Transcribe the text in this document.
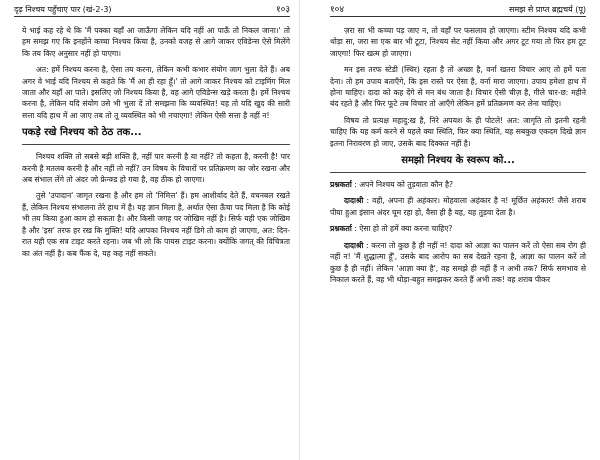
दृढ़ निश्चय पहुँचाए पार (खं-2-3)	१०३

ये भाई कह रहे थे कि 'मैं पक्का यहाँ आ जाऊँगा लेकिन यदि नहीं आ पाऊँ तो निकल जाना।' तो हम समझ गए कि इनहोंने कच्चा निश्चय किया है, उनको वजह से आगे जाकर एविडेन्स ऐसे मिलेंगे कि तय किए अनुसार नहीं हो पाएगा।

अत: हमें निश्चय करना है, ऐसा तय करना, लेकिन कभी कभार संयोग जाग भुला देते हैं। अब अगर वे भाई यदि निश्चय से कहते कि 'मैं आ ही रहा हूँ।' तो आगे जाकर निश्चय को टाइमिंग मिल जाता और यहाँ आ पाते। इसलिए जो निश्चय किया है, वह आगे एविडेन्स खड़े करता है। हमें निश्चय करना है, लेकिन यदि संयोग उसे भी भुला दें तो समझना कि व्यवस्थित! यह तो यदि खुद की सारी सत्ता यदि हाथ में आ जाए तब तो तू व्यवस्थित को भी नचाएगा! लेकिन ऐसी सत्ता है नहीं न!

पकड़े रखे निश्चय को ठेठ तक...

निश्चय शक्ति तो सबसे बड़ी शक्ति है, नहीं पार करनी है या नहीं? तो कहता है, करनी है! पार करनी है मतलब करनी है और नहीं तो नहीं? उन विषय के विचारों पर प्रतिक्रमण का जोर रखना और अब संभाल लेंगे तो अंदर जो फ्रेन्क्ड हो गया है, वह ठीक हो जाएगा।

तुसे 'उपादान' जागृत रखना है और हम तो 'निमित्त' हैं। हम आशीर्वाद देते हैं, वचनबल रखते हैं, लेकिन निश्चय संभालना तेरे हाथ में है। यह ज्ञान मिला है, अर्थात ऐसा ऊँचा पद मिला है कि कोई भी तय किया हुआ काम हो सकता है। और किसी जगह पर जोखिम नहीं है। सिर्फ यही एक जोखिम है और 'इस' तरफ हर रख कि मुक्ति! यदि आपका निश्चय नहीं डिगे तो काम हो जाएगा, अत: दिन-रात यही एक सत्र टाइट करते रहना। जब भी लो कि पायस टाइट करना। क्योंकि जगत् की विचित्रता का अंत नहीं है। कब फैंक दे, यह कह नहीं सकते।

१०४	समझ से प्राप्त ब्रह्मचर्य (पू)

ज़रा सा भी कच्चा पड़ जाए न, तो वहाँ पर फसलाव हो जाएगा। स्टीम निश्चय यदि कभी थोड़ा सा, जरा सा एक बार भी टूटा, निश्चय सेट नहीं किया और अगर टूट गया तो फिर हम टूट जाएगा! फिर खत्म हो जाएगा।

मन इस तरफ स्टेडी (स्थिर) रहता है तो अच्छा है, वर्ना खतरा विचार आए तो हमें पता देना। तो हम उपाय बताएँगे, कि इस रास्ते पर ऐसा है, वर्ना मारा जाएगा। उपाय हमेशा हाथ में होना चाहिए। दादा को कह देंगे से मन बंध जाता है। विचार ऐसी चीज़ है, गीले चार-छ: महीने बंद रहते है और फिर फूटे तब विचार तो आएँगे लेकिन हमें प्रतिक्रमण कर लेना चाहिए।

विषय तो प्रत्यक्ष महादु:ख है, निरे अपयश के ही पोटले! अत: जागृति तो इतनी रहनी चाहिए कि यह कर्म करने से पहले क्या स्थिति, फिर क्या स्थिति, यह सबकुछ एकदम दिखे ज्ञान इतना निरावरण हो जाए, उसके बाद दिक्कत नहीं है।

समझो निश्चय के स्वरूप को...

प्रश्नकर्ता : अपने निश्चय को तुड़वाता कौन है?

दादाश्री : वही, अपना ही अहंकार। मोहवाला अहंकार है न! मूर्छित अहंकार! जैसे शराब पीया हुआ इंसान अंदर घूम रहा हो, वैसा ही है यह, यह तुड़वा देता है।

प्रश्नकर्ता : ऐसा हो तो हमें क्या करना चाहिए?

दादाश्री : करना तो कुछ है ही नहीं न! दादा को आज्ञा का पालन करें तो ऐसा सब रोग ही नहीं न! 'मैं शुद्धात्मा हूँ', उसके बाद आरोप का सब देखते रहना है, आज्ञा का पालन करें तो कुछ है ही नहीं। लेकिन 'आज्ञा क्या है', वह समझे ही नहीं हैं न अभी तक? सिर्फ समभाव से निकाल करते हैं, वह भी थोड़ा-बहुत समझकर करते हैं अभी तक! वह शराब पीकर
